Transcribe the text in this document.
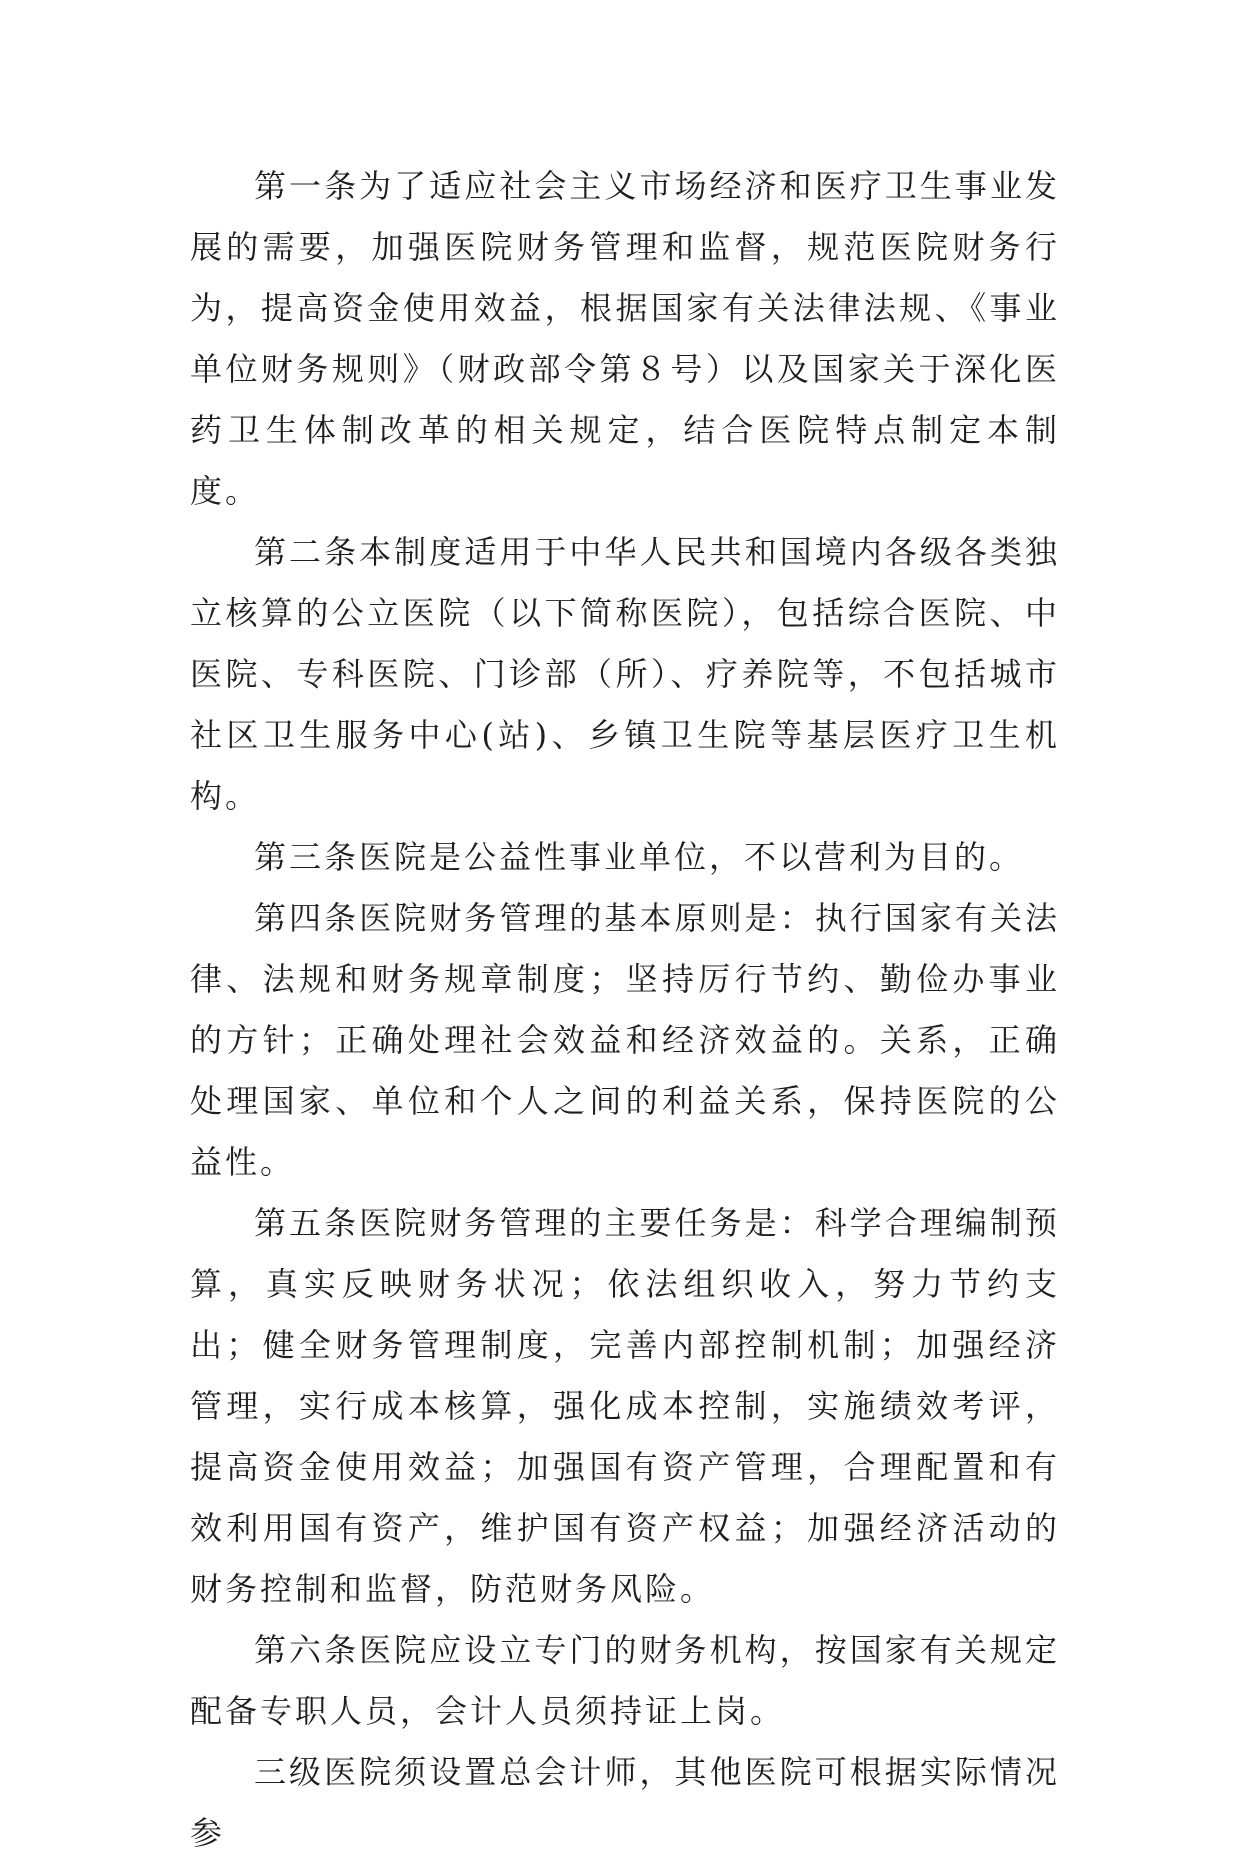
第一条为了适应社会主义市场经济和医疗卫生事业发展的需要，加强医院财务管理和监督，规范医院财务行为，提高资金使用效益，根据国家有关法律法规、《事业单位财务规则》（财政部令第８号）以及国家关于深化医药卫生体制改革的相关规定，结合医院特点制定本制度。

第二条本制度适用于中华人民共和国境内各级各类独立核算的公立医院（以下简称医院），包括综合医院、中医院、专科医院、门诊部（所）、疗养院等，不包括城市社区卫生服务中心(站)、乡镇卫生院等基层医疗卫生机构。

第三条医院是公益性事业单位，不以营利为目的。

第四条医院财务管理的基本原则是：执行国家有关法律、法规和财务规章制度；坚持厉行节约、勤俭办事业的方针；正确处理社会效益和经济效益的。关系，正确处理国家、单位和个人之间的利益关系，保持医院的公益性。

第五条医院财务管理的主要任务是：科学合理编制预算，真实反映财务状况；依法组织收入，努力节约支出；健全财务管理制度，完善内部控制机制；加强经济管理，实行成本核算，强化成本控制，实施绩效考评，提高资金使用效益；加强国有资产管理，合理配置和有效利用国有资产，维护国有资产权益；加强经济活动的财务控制和监督，防范财务风险。

第六条医院应设立专门的财务机构，按国家有关规定配备专职人员，会计人员须持证上岗。

三级医院须设置总会计师，其他医院可根据实际情况参
